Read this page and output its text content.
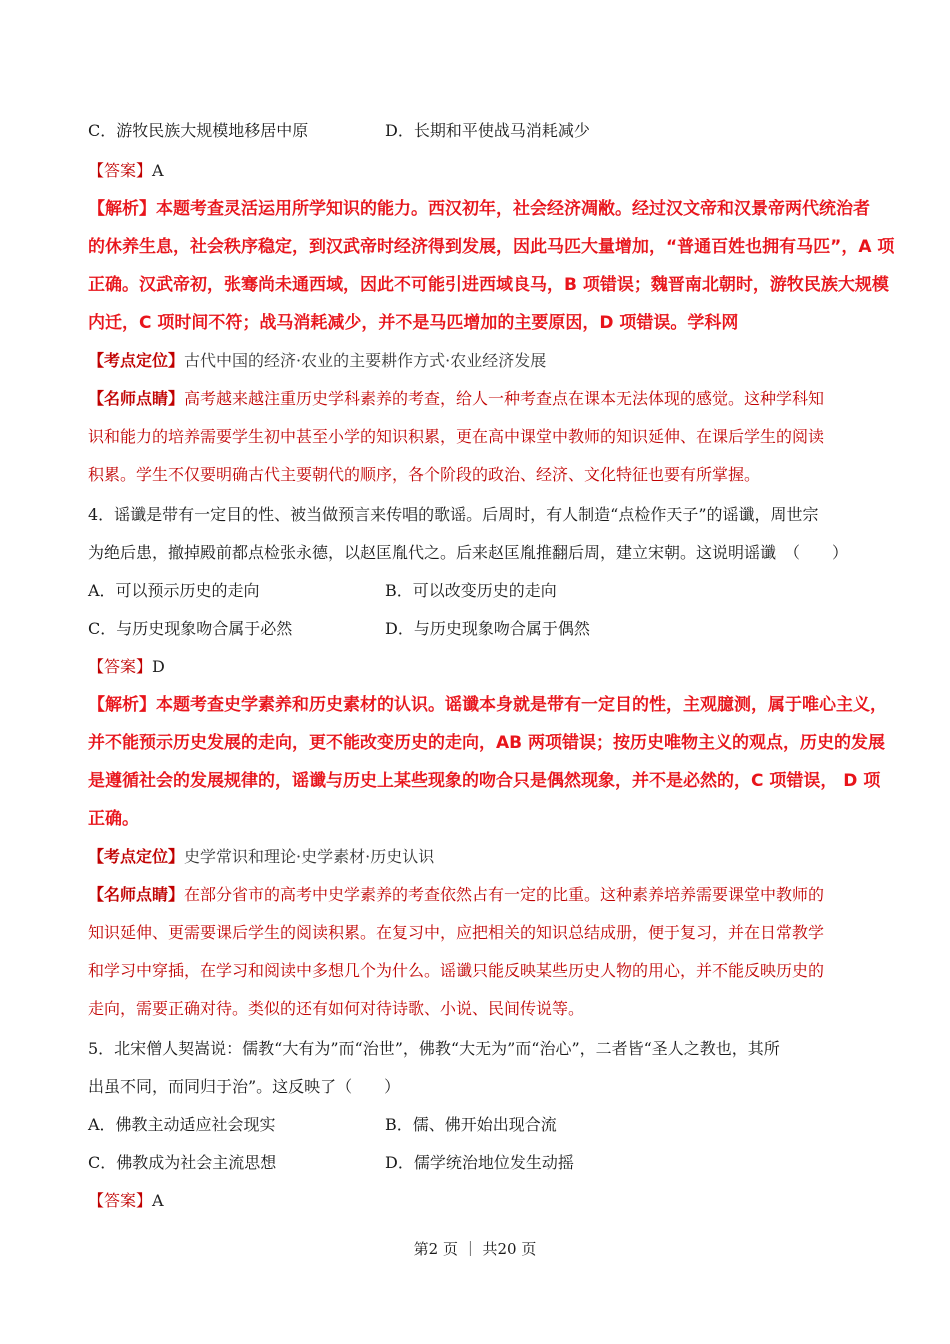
C．游牧民族大规模地移居中原	D．长期和平使战马消耗减少
【答案】A
【解析】本题考查灵活运用所学知识的能力。西汉初年，社会经济凋敝。经过汉文帝和汉景帝两代统治者
的休养生息，社会秩序稳定，到汉武帝时经济得到发展，因此马匹大量增加，“普通百姓也拥有马匹”，A 项
正确。汉武帝初，张骞尚未通西域，因此不可能引进西域良马，B 项错误；魏晋南北朝时，游牧民族大规模
内迁，C 项时间不符；战马消耗减少，并不是马匹增加的主要原因，D 项错误。学科网
【考点定位】古代中国的经济·农业的主要耕作方式·农业经济发展
【名师点睛】高考越来越注重历史学科素养的考查，给人一种考查点在课本无法体现的感觉。这种学科知
识和能力的培养需要学生初中甚至小学的知识积累，更在高中课堂中教师的知识延伸、在课后学生的阅读
积累。学生不仅要明确古代主要朝代的顺序，各个阶段的政治、经济、文化特征也要有所掌握。
4．谣谶是带有一定目的性、被当做预言来传唱的歌谣。后周时，有人制造“点检作天子”的谣谶，周世宗
为绝后患，撤掉殿前都点检张永德，以赵匡胤代之。后来赵匡胤推翻后周，建立宋朝。这说明谣谶　（　　）
A．可以预示历史的走向	B．可以改变历史的走向
C．与历史现象吻合属于必然	D．与历史现象吻合属于偶然
【答案】D
【解析】本题考查史学素养和历史素材的认识。谣谶本身就是带有一定目的性，主观臆测，属于唯心主义，
并不能预示历史发展的走向，更不能改变历史的走向，AB 两项错误；按历史唯物主义的观点，历史的发展
是遵循社会的发展规律的，谣谶与历史上某些现象的吻合只是偶然现象，并不是必然的，C 项错误， D 项
正确。
【考点定位】史学常识和理论·史学素材·历史认识
【名师点睛】在部分省市的高考中史学素养的考查依然占有一定的比重。这种素养培养需要课堂中教师的
知识延伸、更需要课后学生的阅读积累。在复习中，应把相关的知识总结成册，便于复习，并在日常教学
和学习中穿插，在学习和阅读中多想几个为什么。谣谶只能反映某些历史人物的用心，并不能反映历史的
走向，需要正确对待。类似的还有如何对待诗歌、小说、民间传说等。
5．北宋僧人契嵩说：儒教“大有为”而“治世”，佛教“大无为”而“治心”，二者皆“圣人之教也，其所
出虽不同，而同归于治”。这反映了（　　）
A．佛教主动适应社会现实	B．儒、佛开始出现合流
C．佛教成为社会主流思想	D．儒学统治地位发生动摇
【答案】A
第2 页 ｜ 共20 页
